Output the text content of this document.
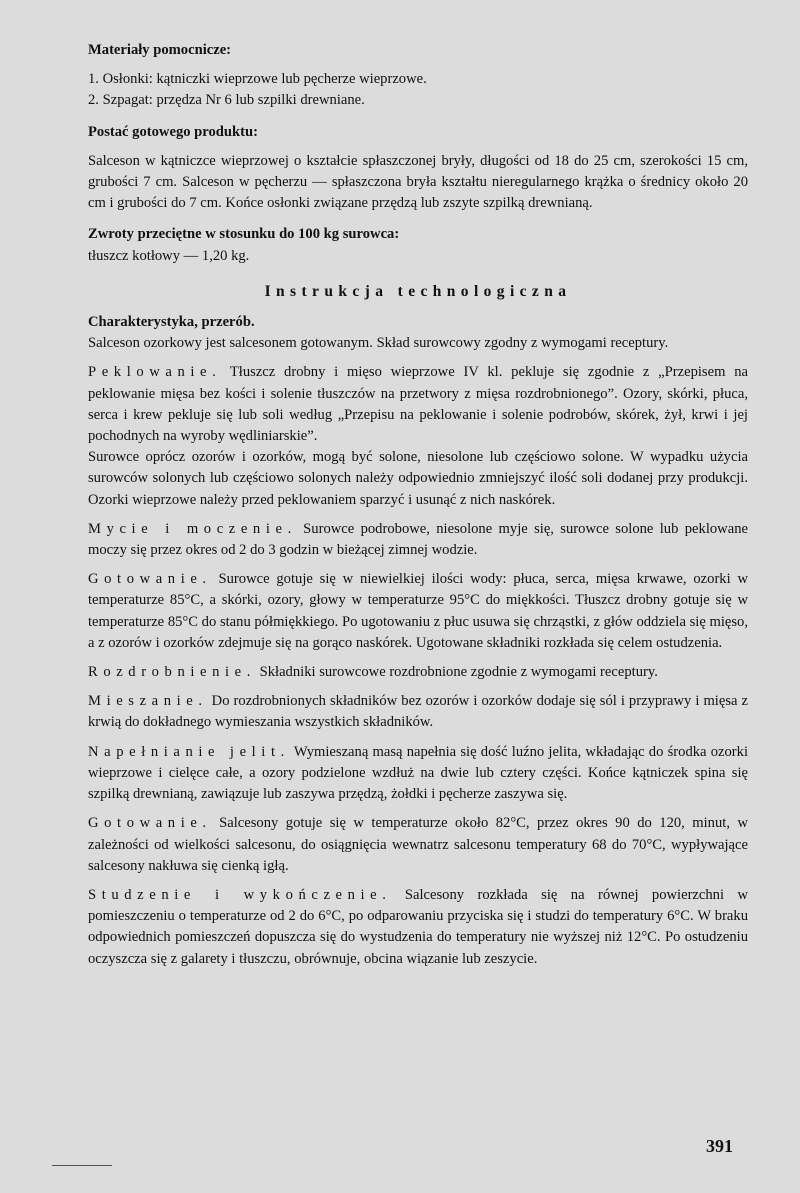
Materiały pomocnicze:

1. Osłonki: kątniczki wieprzowe lub pęcherze wieprzowe.

2. Szpagat: przędza Nr 6 lub szpilki drewniane.

Postać gotowego produktu:

Salceson w kątniczce wieprzowej o kształcie spłaszczonej bryły, długości od 18 do 25 cm, szerokości 15 cm, grubości 7 cm. Salceson w pęcherzu — spłaszczona bryła kształtu nieregularnego krążka o średnicy około 20 cm i grubości do 7 cm. Końce osłonki związane przędzą lub zszyte szpilką drewnianą.

Zwroty przeciętne w stosunku do 100 kg surowca:

tłuszcz kotłowy — 1,20 kg.

Instrukcja technologiczna

Charakterystyka, przerób.

Salceson ozorkowy jest salcesonem gotowanym. Skład surowcowy zgodny z wymogami receptury.

Peklowanie. Tłuszcz drobny i mięso wieprzowe IV kl. pekluje się zgodnie z „Przepisem na peklowanie mięsa bez kości i solenie tłuszczów na przetwory z mięsa rozdrobnionego”. Ozory, skórki, płuca, serca i krew pekluje się lub soli według „Przepisu na peklowanie i solenie podrobów, skórek, żył, krwi i jej pochodnych na wyroby wędliniarskie”.

Surowce oprócz ozorów i ozorków, mogą być solone, niesolone lub częściowo solone. W wypadku użycia surowców solonych lub częściowo solonych należy odpowiednio zmniejszyć ilość soli dodanej przy produkcji. Ozorki wieprzowe należy przed peklowaniem sparzyć i usunąć z nich naskórek.

Mycie i moczenie. Surowce podrobowe, niesolone myje się, surowce solone lub peklowane moczy się przez okres od 2 do 3 godzin w bieżącej zimnej wodzie.

Gotowanie. Surowce gotuje się w niewielkiej ilości wody: płuca, serca, mięsa krwawe, ozorki w temperaturze 85°C, a skórki, ozory, głowy w temperaturze 95°C do miękkości. Tłuszcz drobny gotuje się w temperaturze 85°C do stanu półmiękkiego. Po ugotowaniu z płuc usuwa się chrząstki, z głów oddziela się mięso, a z ozorów i ozorków zdejmuje się na gorąco naskórek. Ugotowane składniki rozkłada się celem ostudzenia.

Rozdrobnienie. Składniki surowcowe rozdrobnione zgodnie z wymogami receptury.

Mieszanie. Do rozdrobnionych składników bez ozorów i ozorków dodaje się sól i przyprawy i mięsa z krwią do dokładnego wymieszania wszystkich składników.

Napełnianie jelit. Wymieszaną masą napełnia się dość luźno jelita, wkładając do środka ozorki wieprzowe i cielęce całe, a ozory podzielone wzdłuż na dwie lub cztery części. Końce kątniczek spina się szpilką drewnianą, zawiązuje lub zaszywa przędzą, żołdki i pęcherze zaszywa się.

Gotowanie. Salcesony gotuje się w temperaturze około 82°C, przez okres 90 do 120, minut, w zależności od wielkości salcesonu, do osiągnięcia wewnatrz salcesonu temperatury 68 do 70°C, wypływające salcesony nakłuwa się cienką igłą.

Studzenie i wykończenie. Salcesony rozkłada się na równej powierzchni w pomieszczeniu o temperaturze od 2 do 6°C, po odparowaniu przyciska się i studzi do temperatury 6°C. W braku odpowiednich pomieszczeń dopuszcza się do wystudzenia do temperatury nie wyższej niż 12°C. Po ostudzeniu oczyszcza się z galarety i tłuszczu, obrównuje, obcina wiązanie lub zeszycie.

391
